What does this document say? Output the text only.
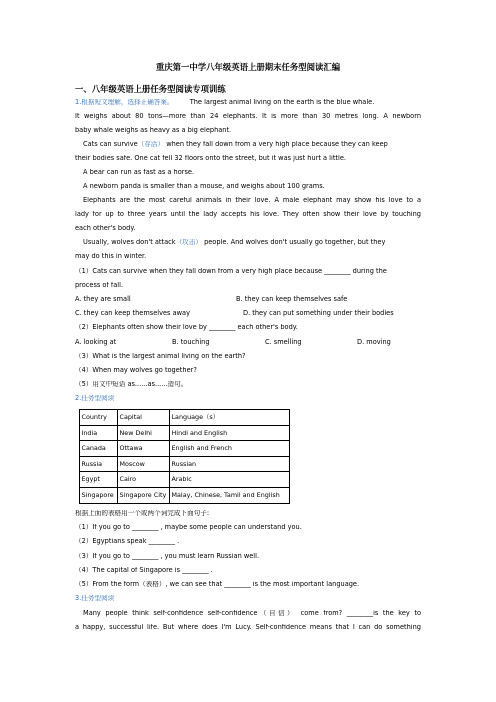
重庆第一中学八年级英语上册期末任务型阅读汇编
一、八年级英语上册任务型阅读专项训练
1.根据短文理解，选择正确答案。 The largest animal living on the earth is the blue whale.
It weighs about 80 tons—more than 24 elephants. It is more than 30 metres long. A newborn
baby whale weighs as heavy as a big elephant.
Cats can survive（存活） when they fall down from a very high place because they can keep
their bodies safe. One cat fell 32 floors onto the street, but it was just hurt a little.
A bear can run as fast as a horse.
A newborn panda is smaller than a mouse, and weighs about 100 grams.
Elephants are the most careful animals in their love. A male elephant may show his love to a
lady for up to three years until the lady accepts his love. They often show their love by touching
each other's body.
Usually, wolves don't attack（攻击） people. And wolves don't usually go together, but they
may do this in winter.
（1）Cats can survive when they fall down from a very high place because ________ during the
process of fall.
A. they are small	B. they can keep themselves safe
C. they can keep themselves away	D. they can put something under their bodies
（2）Elephants often show their love by ________ each other's body.
A. looking at	B. touching	C. smelling	D. moving
（3）What is the largest animal living on the earth?
（4）When may wolves go together?
（5）用文中短语 as......as......造句。
2.任务型阅读
Country	Capital	Language（s）
India	New Delhi	Hindi and English
Canada	Ottawa	English and French
Russia	Moscow	Russian
Egypt	Cairo	Arabic
Singapore	Singapore City	Malay, Chinese, Tamil and English
根据上面的表格用一个或两个词完成下面句子:
（1）If you go to ________ , maybe some people can understand you.
（2）Egyptians speak ________ .
（3）If you go to ________ , you must learn Russian well.
（4）The capital of Singapore is ________ .
（5）From the form（表格）, we can see that ________ is the most important language.
3.任务型阅读
Many people think self-confidence self-confidence（自信） come from? ________is the key to
a happy, successful life. But where does I'm Lucy. Self-confidence means that I can do something
